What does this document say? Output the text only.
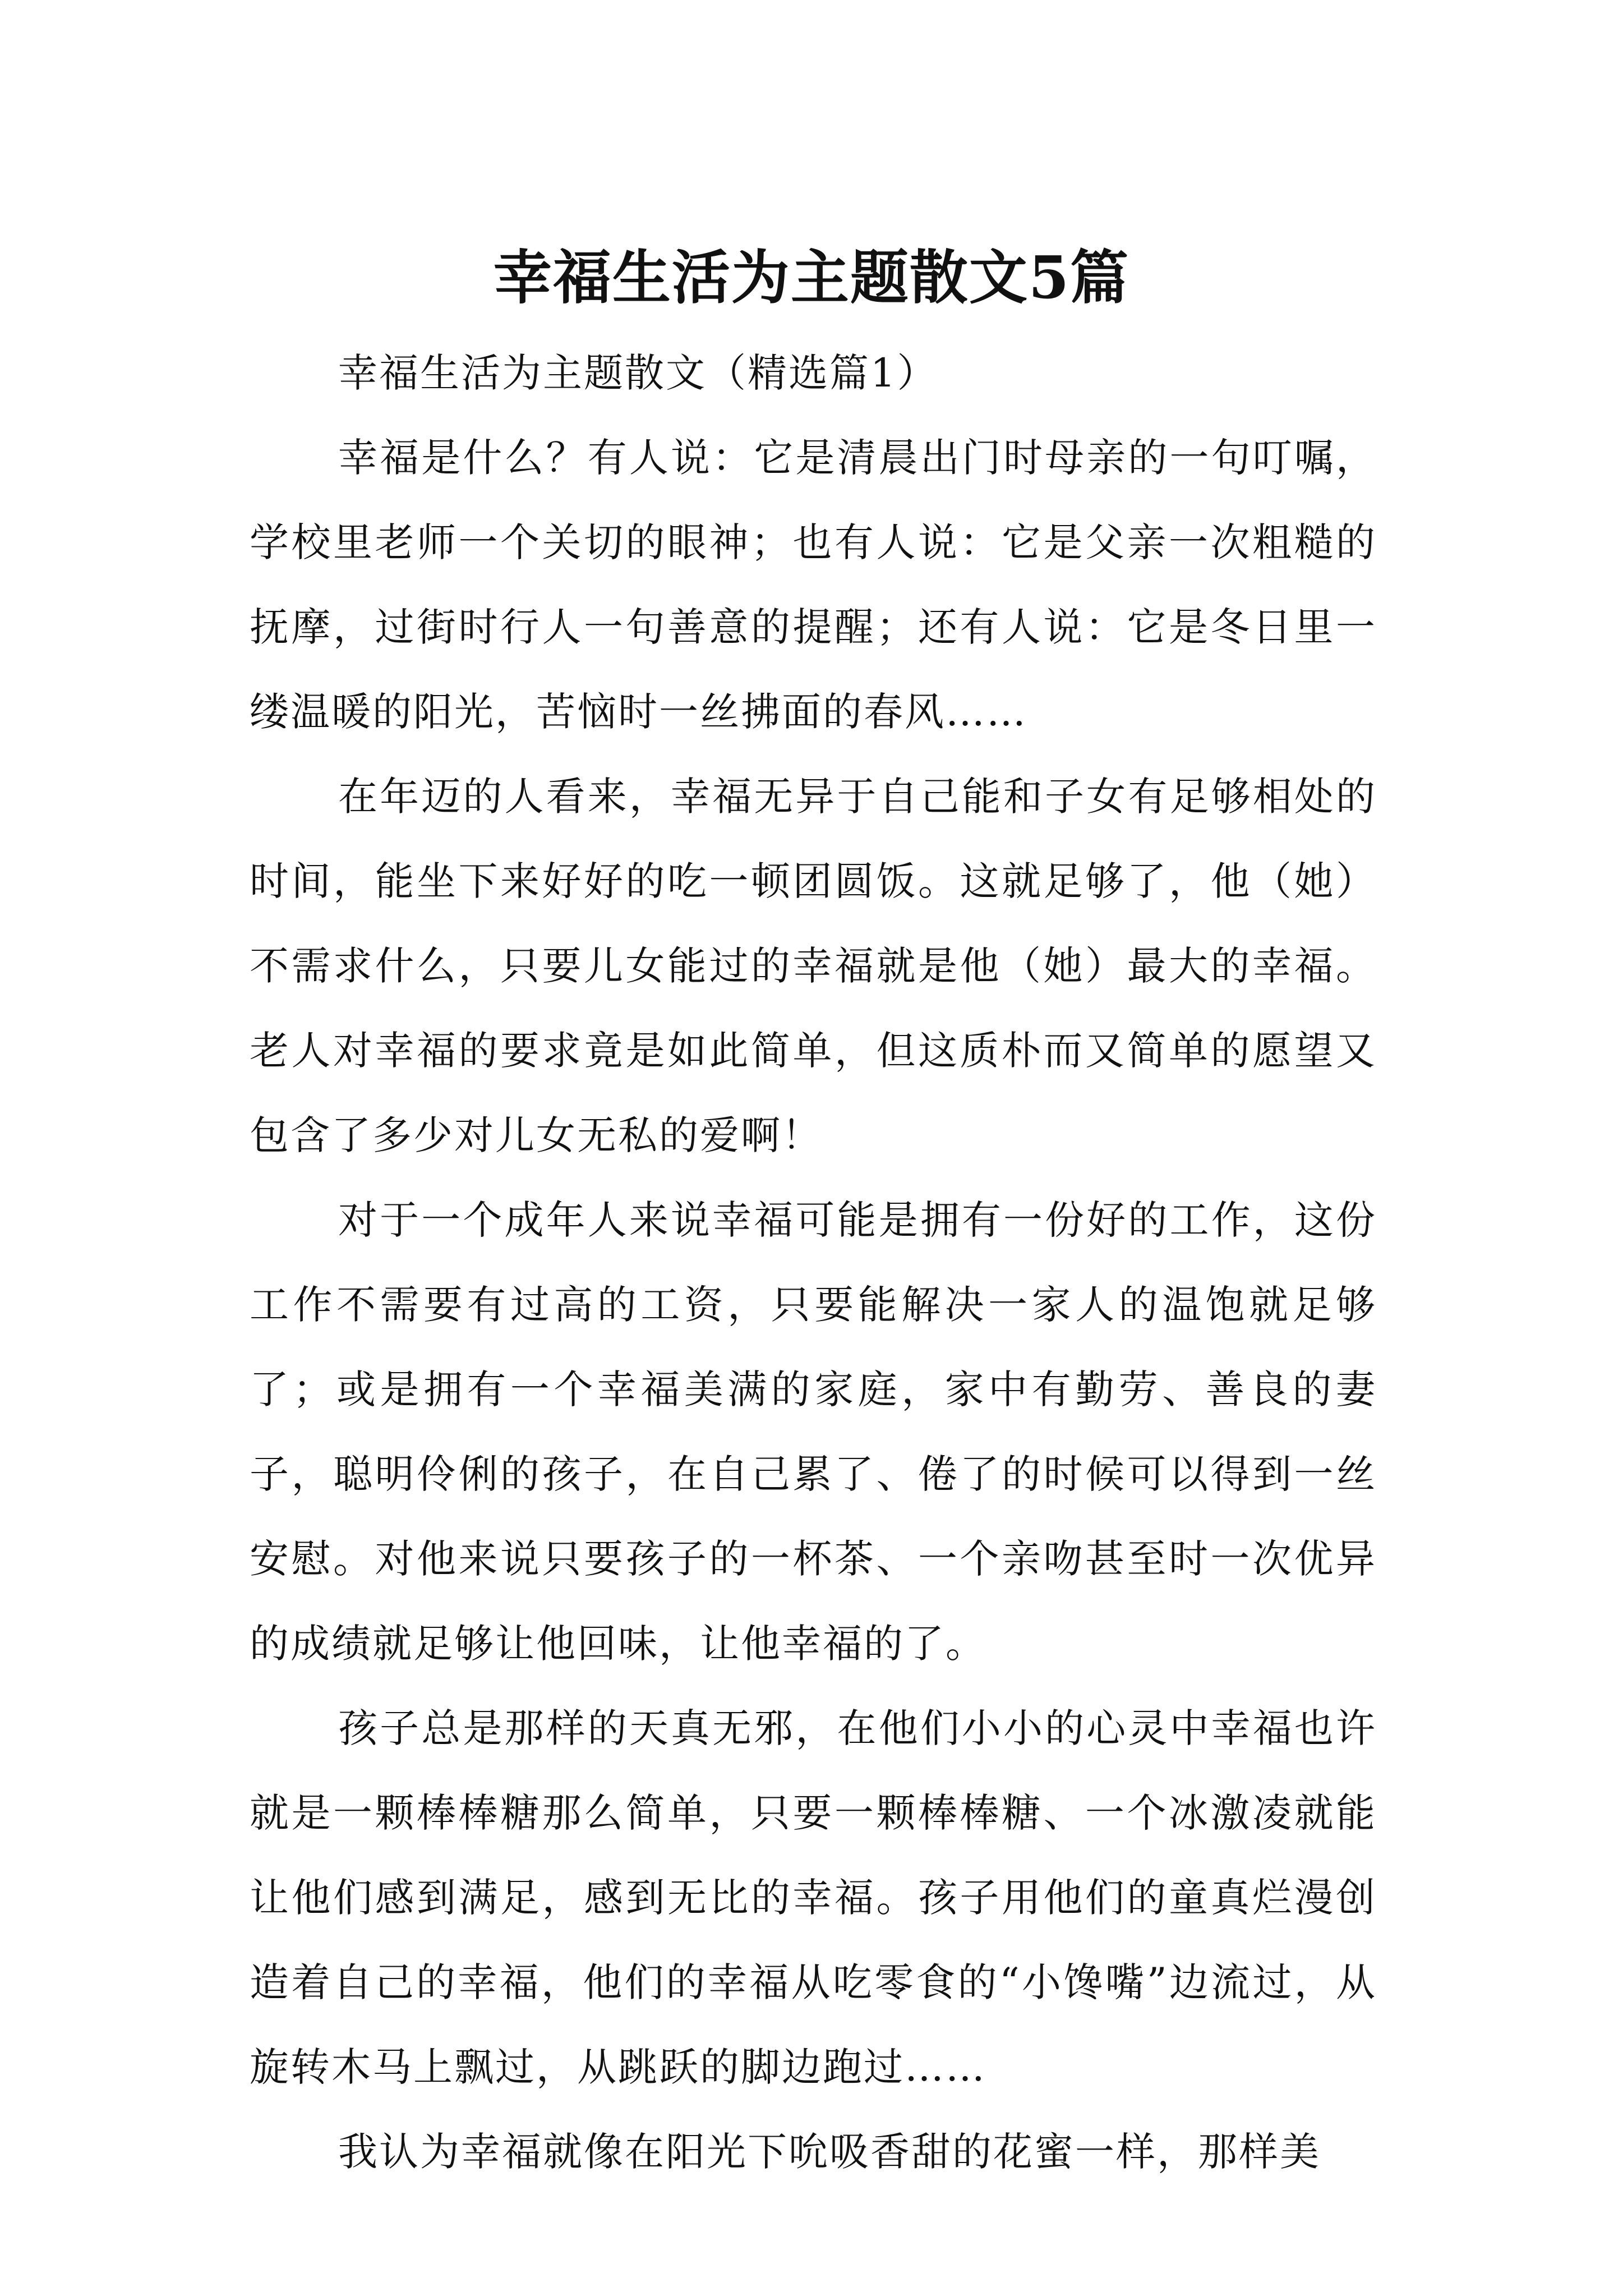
幸福生活为主题散文5篇

幸福生活为主题散文（精选篇1）

幸福是什么？有人说：它是清晨出门时母亲的一句叮嘱，学校里老师一个关切的眼神；也有人说：它是父亲一次粗糙的抚摩，过街时行人一句善意的提醒；还有人说：它是冬日里一缕温暖的阳光，苦恼时一丝拂面的春风……

在年迈的人看来，幸福无异于自己能和子女有足够相处的时间，能坐下来好好的吃一顿团圆饭。这就足够了，他（她）不需求什么，只要儿女能过的幸福就是他（她）最大的幸福。老人对幸福的要求竟是如此简单，但这质朴而又简单的愿望又包含了多少对儿女无私的爱啊！

对于一个成年人来说幸福可能是拥有一份好的工作，这份工作不需要有过高的工资，只要能解决一家人的温饱就足够了；或是拥有一个幸福美满的家庭，家中有勤劳、善良的妻子，聪明伶俐的孩子，在自己累了、倦了的时候可以得到一丝安慰。对他来说只要孩子的一杯茶、一个亲吻甚至时一次优异的成绩就足够让他回味，让他幸福的了。

孩子总是那样的天真无邪，在他们小小的心灵中幸福也许就是一颗棒棒糖那么简单，只要一颗棒棒糖、一个冰激凌就能让他们感到满足，感到无比的幸福。孩子用他们的童真烂漫创造着自己的幸福，他们的幸福从吃零食的“小馋嘴”边流过，从旋转木马上飘过，从跳跃的脚边跑过……

我认为幸福就像在阳光下吮吸香甜的花蜜一样，那样美
